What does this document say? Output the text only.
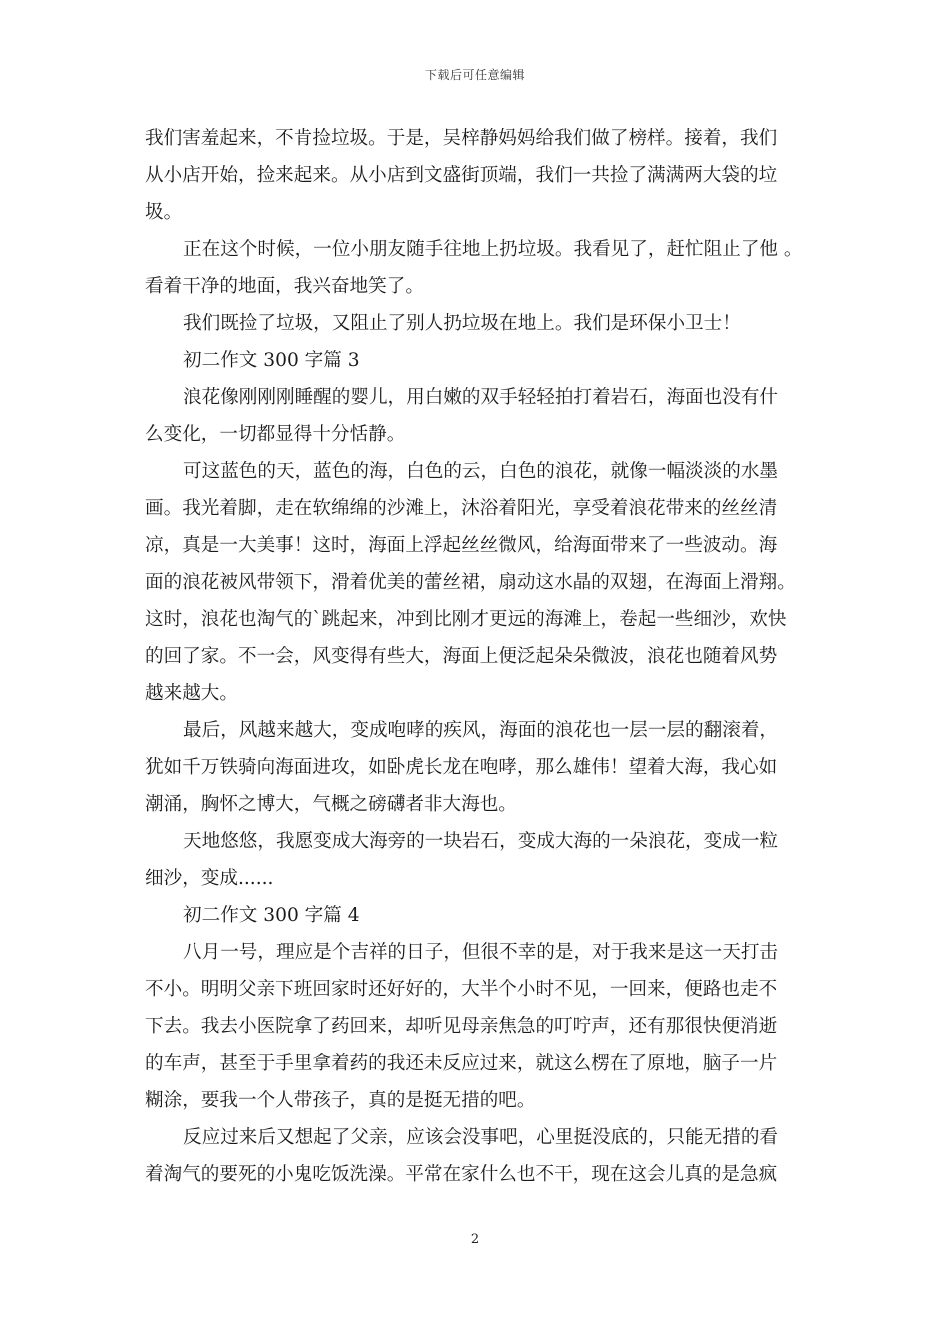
下载后可任意编辑
我们害羞起来，不肯捡垃圾。于是，吴梓静妈妈给我们做了榜样。接着，我们
从小店开始，捡来起来。从小店到文盛街顶端，我们一共捡了满满两大袋的垃
圾。
正在这个时候，一位小朋友随手往地上扔垃圾。我看见了，赶忙阻止了他 。
看着干净的地面，我兴奋地笑了。
我们既捡了垃圾，又阻止了别人扔垃圾在地上。我们是环保小卫士！
初二作文 300 字篇 3
浪花像刚刚刚睡醒的婴儿，用白嫩的双手轻轻拍打着岩石，海面也没有什
么变化，一切都显得十分恬静。
可这蓝色的天，蓝色的海，白色的云，白色的浪花，就像一幅淡淡的水墨
画。我光着脚，走在软绵绵的沙滩上，沐浴着阳光，享受着浪花带来的丝丝清
凉，真是一大美事！这时，海面上浮起丝丝微风，给海面带来了一些波动。海
面的浪花被风带领下，滑着优美的蕾丝裙，扇动这水晶的双翅，在海面上滑翔。
这时，浪花也淘气的`跳起来，冲到比刚才更远的海滩上，卷起一些细沙，欢快
的回了家。不一会，风变得有些大，海面上便泛起朵朵微波，浪花也随着风势
越来越大。
最后，风越来越大，变成咆哮的疾风，海面的浪花也一层一层的翻滚着，
犹如千万铁骑向海面进攻，如卧虎长龙在咆哮，那么雄伟！望着大海，我心如
潮涌，胸怀之博大，气概之磅礴者非大海也。
天地悠悠，我愿变成大海旁的一块岩石，变成大海的一朵浪花，变成一粒
细沙，变成......
初二作文 300 字篇 4
八月一号，理应是个吉祥的日子，但很不幸的是，对于我来是这一天打击
不小。明明父亲下班回家时还好好的，大半个小时不见，一回来，便路也走不
下去。我去小医院拿了药回来，却听见母亲焦急的叮咛声，还有那很快便消逝
的车声，甚至于手里拿着药的我还未反应过来，就这么楞在了原地，脑子一片
糊涂，要我一个人带孩子，真的是挺无措的吧。
反应过来后又想起了父亲，应该会没事吧，心里挺没底的，只能无措的看
着淘气的要死的小鬼吃饭洗澡。平常在家什么也不干，现在这会儿真的是急疯
2
